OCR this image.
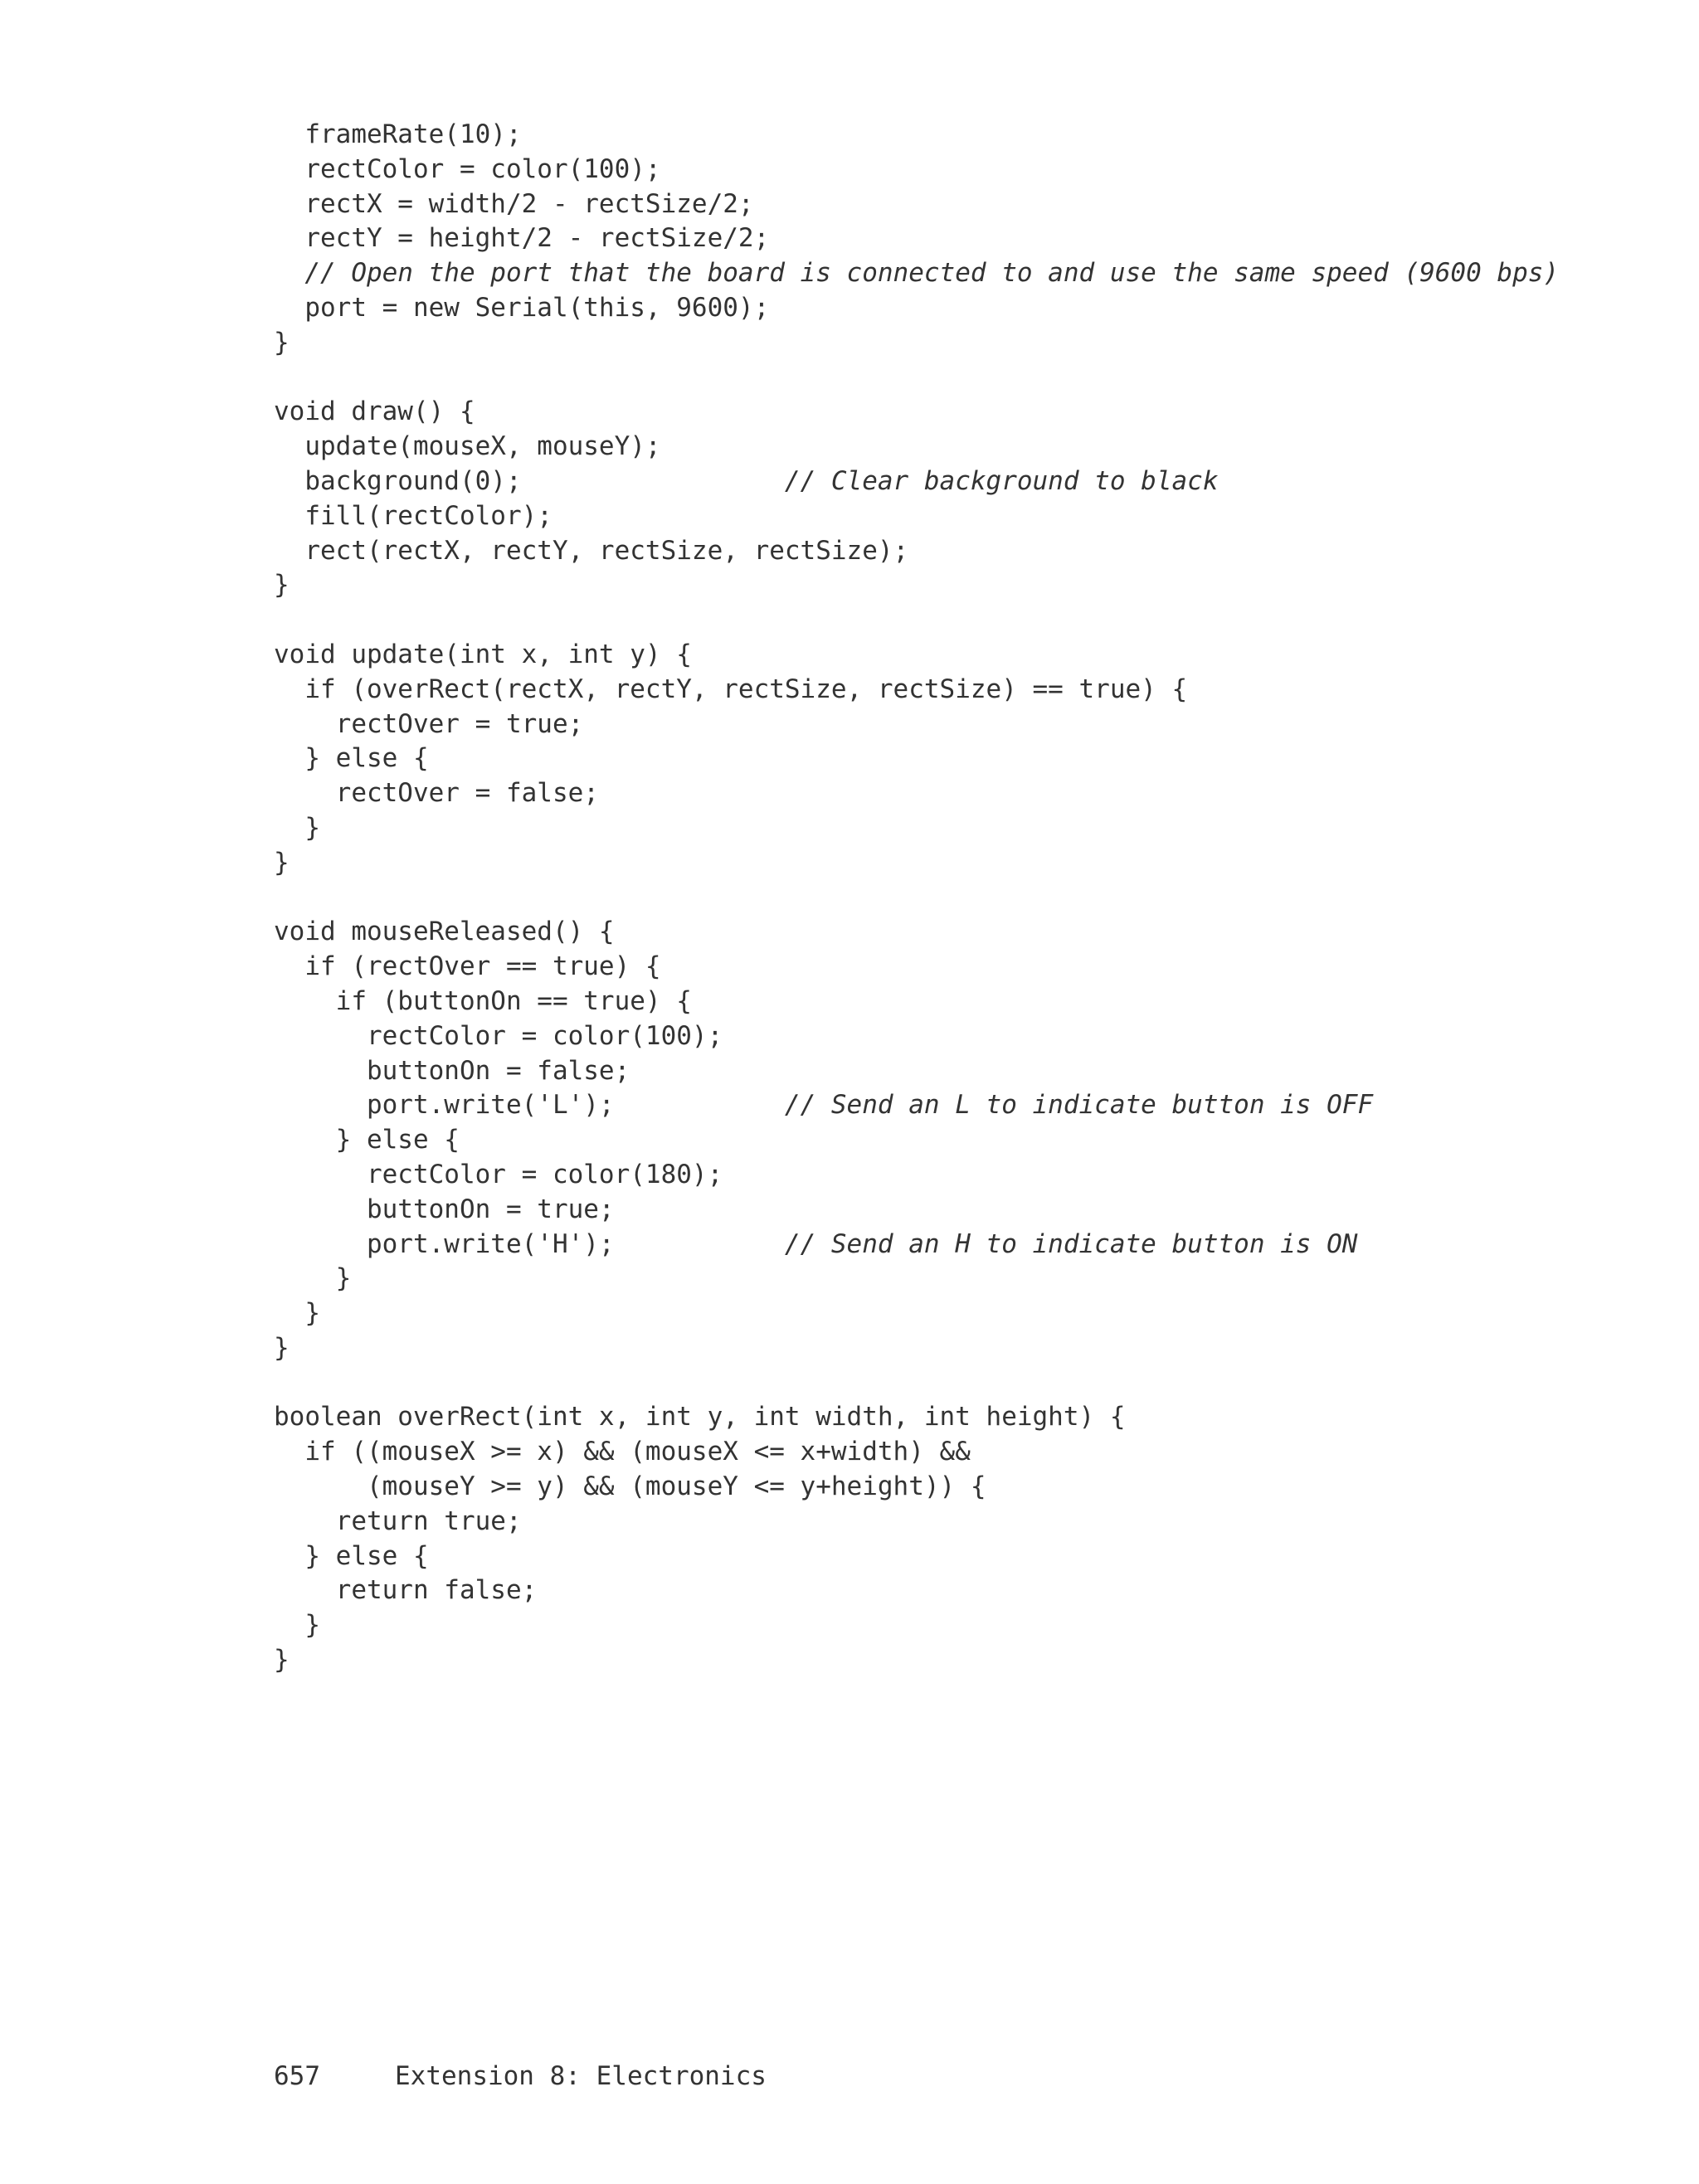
frameRate(10);
rectColor = color(100);
rectX = width/2 - rectSize/2;
rectY = height/2 - rectSize/2;
// Open the port that the board is connected to and use the same speed (9600 bps)
port = new Serial(this, 9600);
}
void draw() {
update(mouseX, mouseY);
background(0);                 // Clear background to black
fill(rectColor);
rect(rectX, rectY, rectSize, rectSize);
}
void update(int x, int y) {
if (overRect(rectX, rectY, rectSize, rectSize) == true) {
rectOver = true;
} else {
rectOver = false;
}
}
void mouseReleased() {
if (rectOver == true) {
if (buttonOn == true) {
rectColor = color(100);
buttonOn = false;
port.write('L');           // Send an L to indicate button is OFF
} else {
rectColor = color(180);
buttonOn = true;
port.write('H');           // Send an H to indicate button is ON
}
}
}
boolean overRect(int x, int y, int width, int height) {
if ((mouseX >= x) && (mouseX <= x+width) &&
(mouseY >= y) && (mouseY <= y+height)) {
return true;
} else {
return false;
}
}
657	Extension 8: Electronics
